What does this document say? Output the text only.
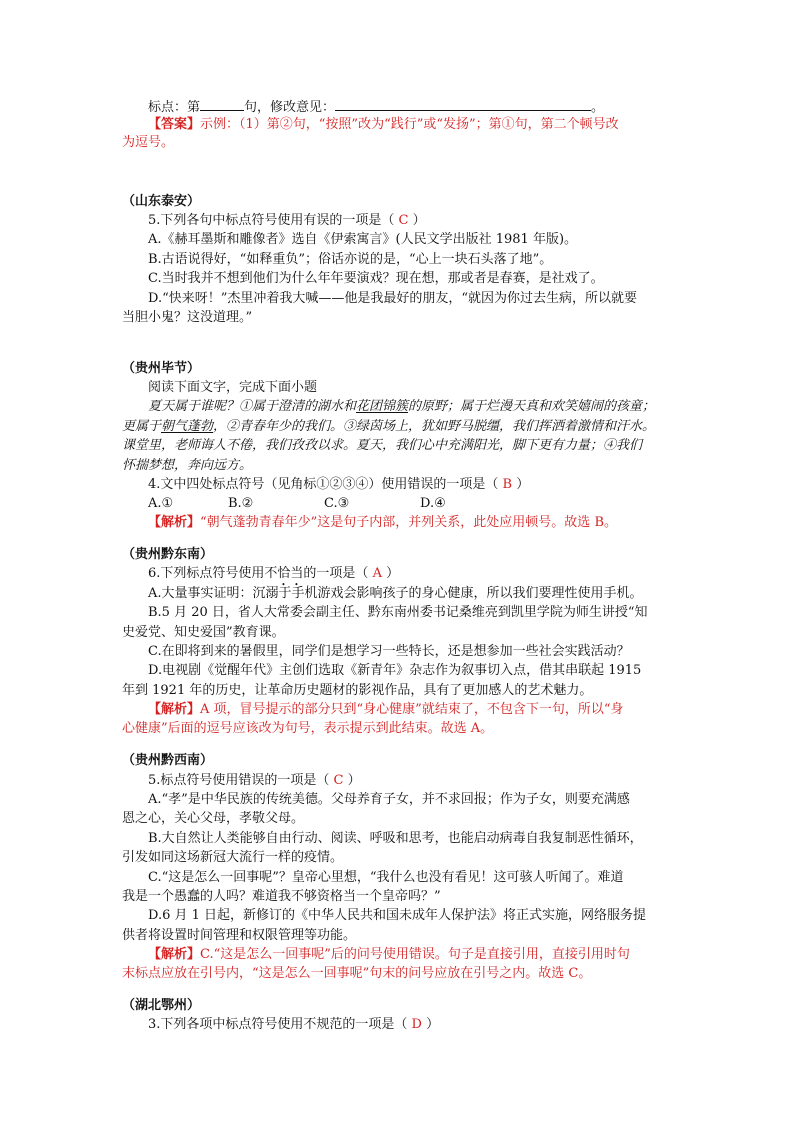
标点：第	句，修改意见：	。
【答案】示例：（1）第②句，“按照”改为“践行”或“发扬”；第①句，第二个顿号改
为逗号。
（山东泰安）
5.下列各句中标点符号使用有误的一项是（ C ）
A.《赫耳墨斯和雕像者》选自《伊索寓言》(人民文学出版社 1981 年版)。
B.古语说得好，“如释重负”；俗话亦说的是，“心上一块石头落了地”。
C.当时我并不想到他们为什么年年要演戏？现在想，那或者是春赛，是社戏了。
D.“快来呀！”杰里冲着我大喊——他是我最好的朋友，“就因为你过去生病，所以就要
当胆小鬼？这没道理。”
（贵州毕节）
阅读下面文字，完成下面小题
夏天属于谁呢？①属于澄清的湖水和花团锦簇的原野；属于烂漫天真和欢笑嬉闹的孩童；
更属于朝气蓬勃，②青春年少的我们。③绿茵场上，犹如野马脱缰，我们挥洒着激情和汗水。
课堂里，老师诲人不倦，我们孜孜以求。夏天，我们心中充满阳光，脚下更有力量；④我们
怀揣梦想，奔向远方。
4.文中四处标点符号（见角标①②③④）使用错误的一项是（ B ）
A.①	B.②	C.③	D.④
【解析】“朝气蓬勃青春年少”这是句子内部，并列关系，此处应用顿号。故选 B。
（贵州黔东南）
6.下列标点符号使用不恰当的一项是（ A ）
A.大量事实证明：沉溺于手机游戏会影响孩子的身心健康，所以我们要理性使用手机。
B.5 月 20 日，省人大常委会副主任、黔东南州委书记桑维亮到凯里学院为师生讲授“知
史爱党、知史爱国”教育课。
C.在即将到来的暑假里，同学们是想学习一些特长，还是想参加一些社会实践活动？
D.电视剧《觉醒年代》主创们选取《新青年》杂志作为叙事切入点，借其串联起 1915
年到 1921 年的历史，让革命历史题材的影视作品，具有了更加感人的艺术魅力。
【解析】A 项，冒号提示的部分只到“身心健康”就结束了，不包含下一句，所以“身
心健康”后面的逗号应该改为句号，表示提示到此结束。故选 A。
（贵州黔西南）
5.标点符号使用错误的一项是（ C ）
A.“孝”是中华民族的传统美德。父母养育子女，并不求回报；作为子女，则要充满感
恩之心，关心父母，孝敬父母。
B.大自然让人类能够自由行动、阅读、呼吸和思考，也能启动病毒自我复制恶性循环，
引发如同这场新冠大流行一样的疫情。
C.“这是怎么一回事呢”？皇帝心里想，“我什么也没有看见！这可骇人听闻了。难道
我是一个愚蠢的人吗？难道我不够资格当一个皇帝吗？”
D.6 月 1 日起，新修订的《中华人民共和国未成年人保护法》将正式实施，网络服务提
供者将设置时间管理和权限管理等功能。
【解析】C.“这是怎么一回事呢”后的问号使用错误。句子是直接引用，直接引用时句
末标点应放在引号内，“这是怎么一回事呢”句末的问号应放在引号之内。故选 C。
（湖北鄂州）
3.下列各项中标点符号使用不规范的一项是（ D ）
